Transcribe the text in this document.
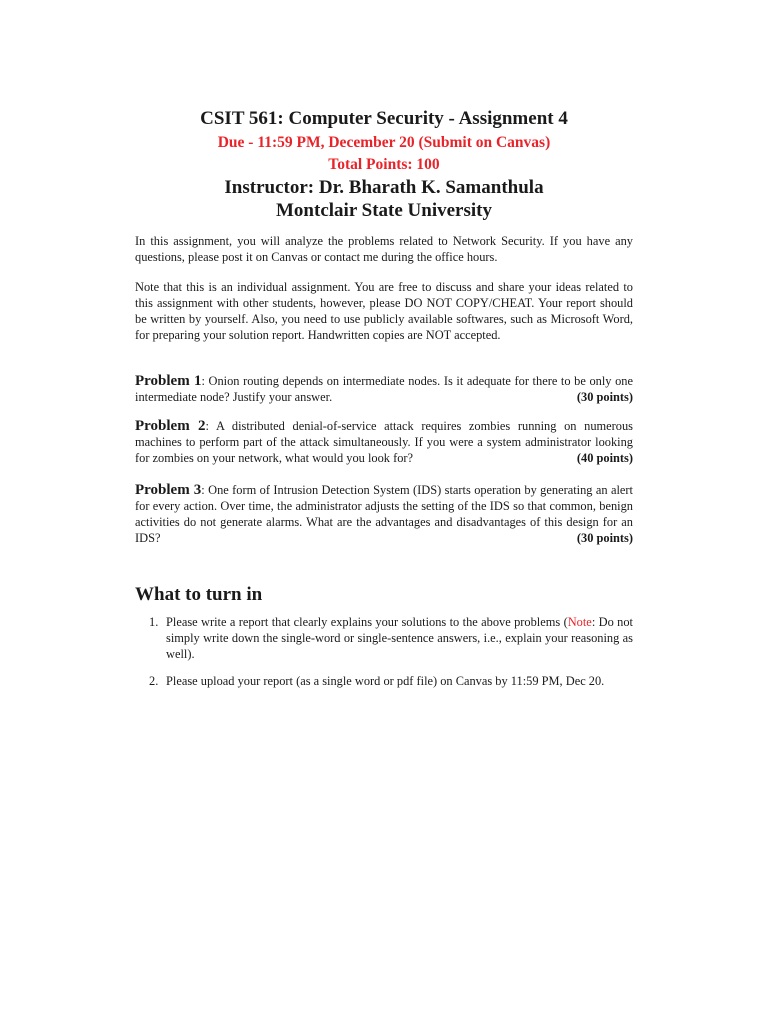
CSIT 561: Computer Security - Assignment 4
Due - 11:59 PM, December 20 (Submit on Canvas)
Total Points: 100
Instructor: Dr. Bharath K. Samanthula
Montclair State University
In this assignment, you will analyze the problems related to Network Security. If you have any questions, please post it on Canvas or contact me during the office hours.
Note that this is an individual assignment. You are free to discuss and share your ideas related to this assignment with other students, however, please DO NOT COPY/CHEAT. Your report should be written by yourself. Also, you need to use publicly available softwares, such as Microsoft Word, for preparing your solution report. Handwritten copies are NOT accepted.
Problem 1: Onion routing depends on intermediate nodes. Is it adequate for there to be only one intermediate node? Justify your answer.	(30 points)
Problem 2: A distributed denial-of-service attack requires zombies running on numerous machines to perform part of the attack simultaneously. If you were a system administrator looking for zombies on your network, what would you look for?	(40 points)
Problem 3: One form of Intrusion Detection System (IDS) starts operation by generating an alert for every action. Over time, the administrator adjusts the setting of the IDS so that common, benign activities do not generate alarms. What are the advantages and disadvantages of this design for an IDS?	(30 points)
What to turn in
1. Please write a report that clearly explains your solutions to the above problems (Note: Do not simply write down the single-word or single-sentence answers, i.e., explain your reasoning as well).
2. Please upload your report (as a single word or pdf file) on Canvas by 11:59 PM, Dec 20.
